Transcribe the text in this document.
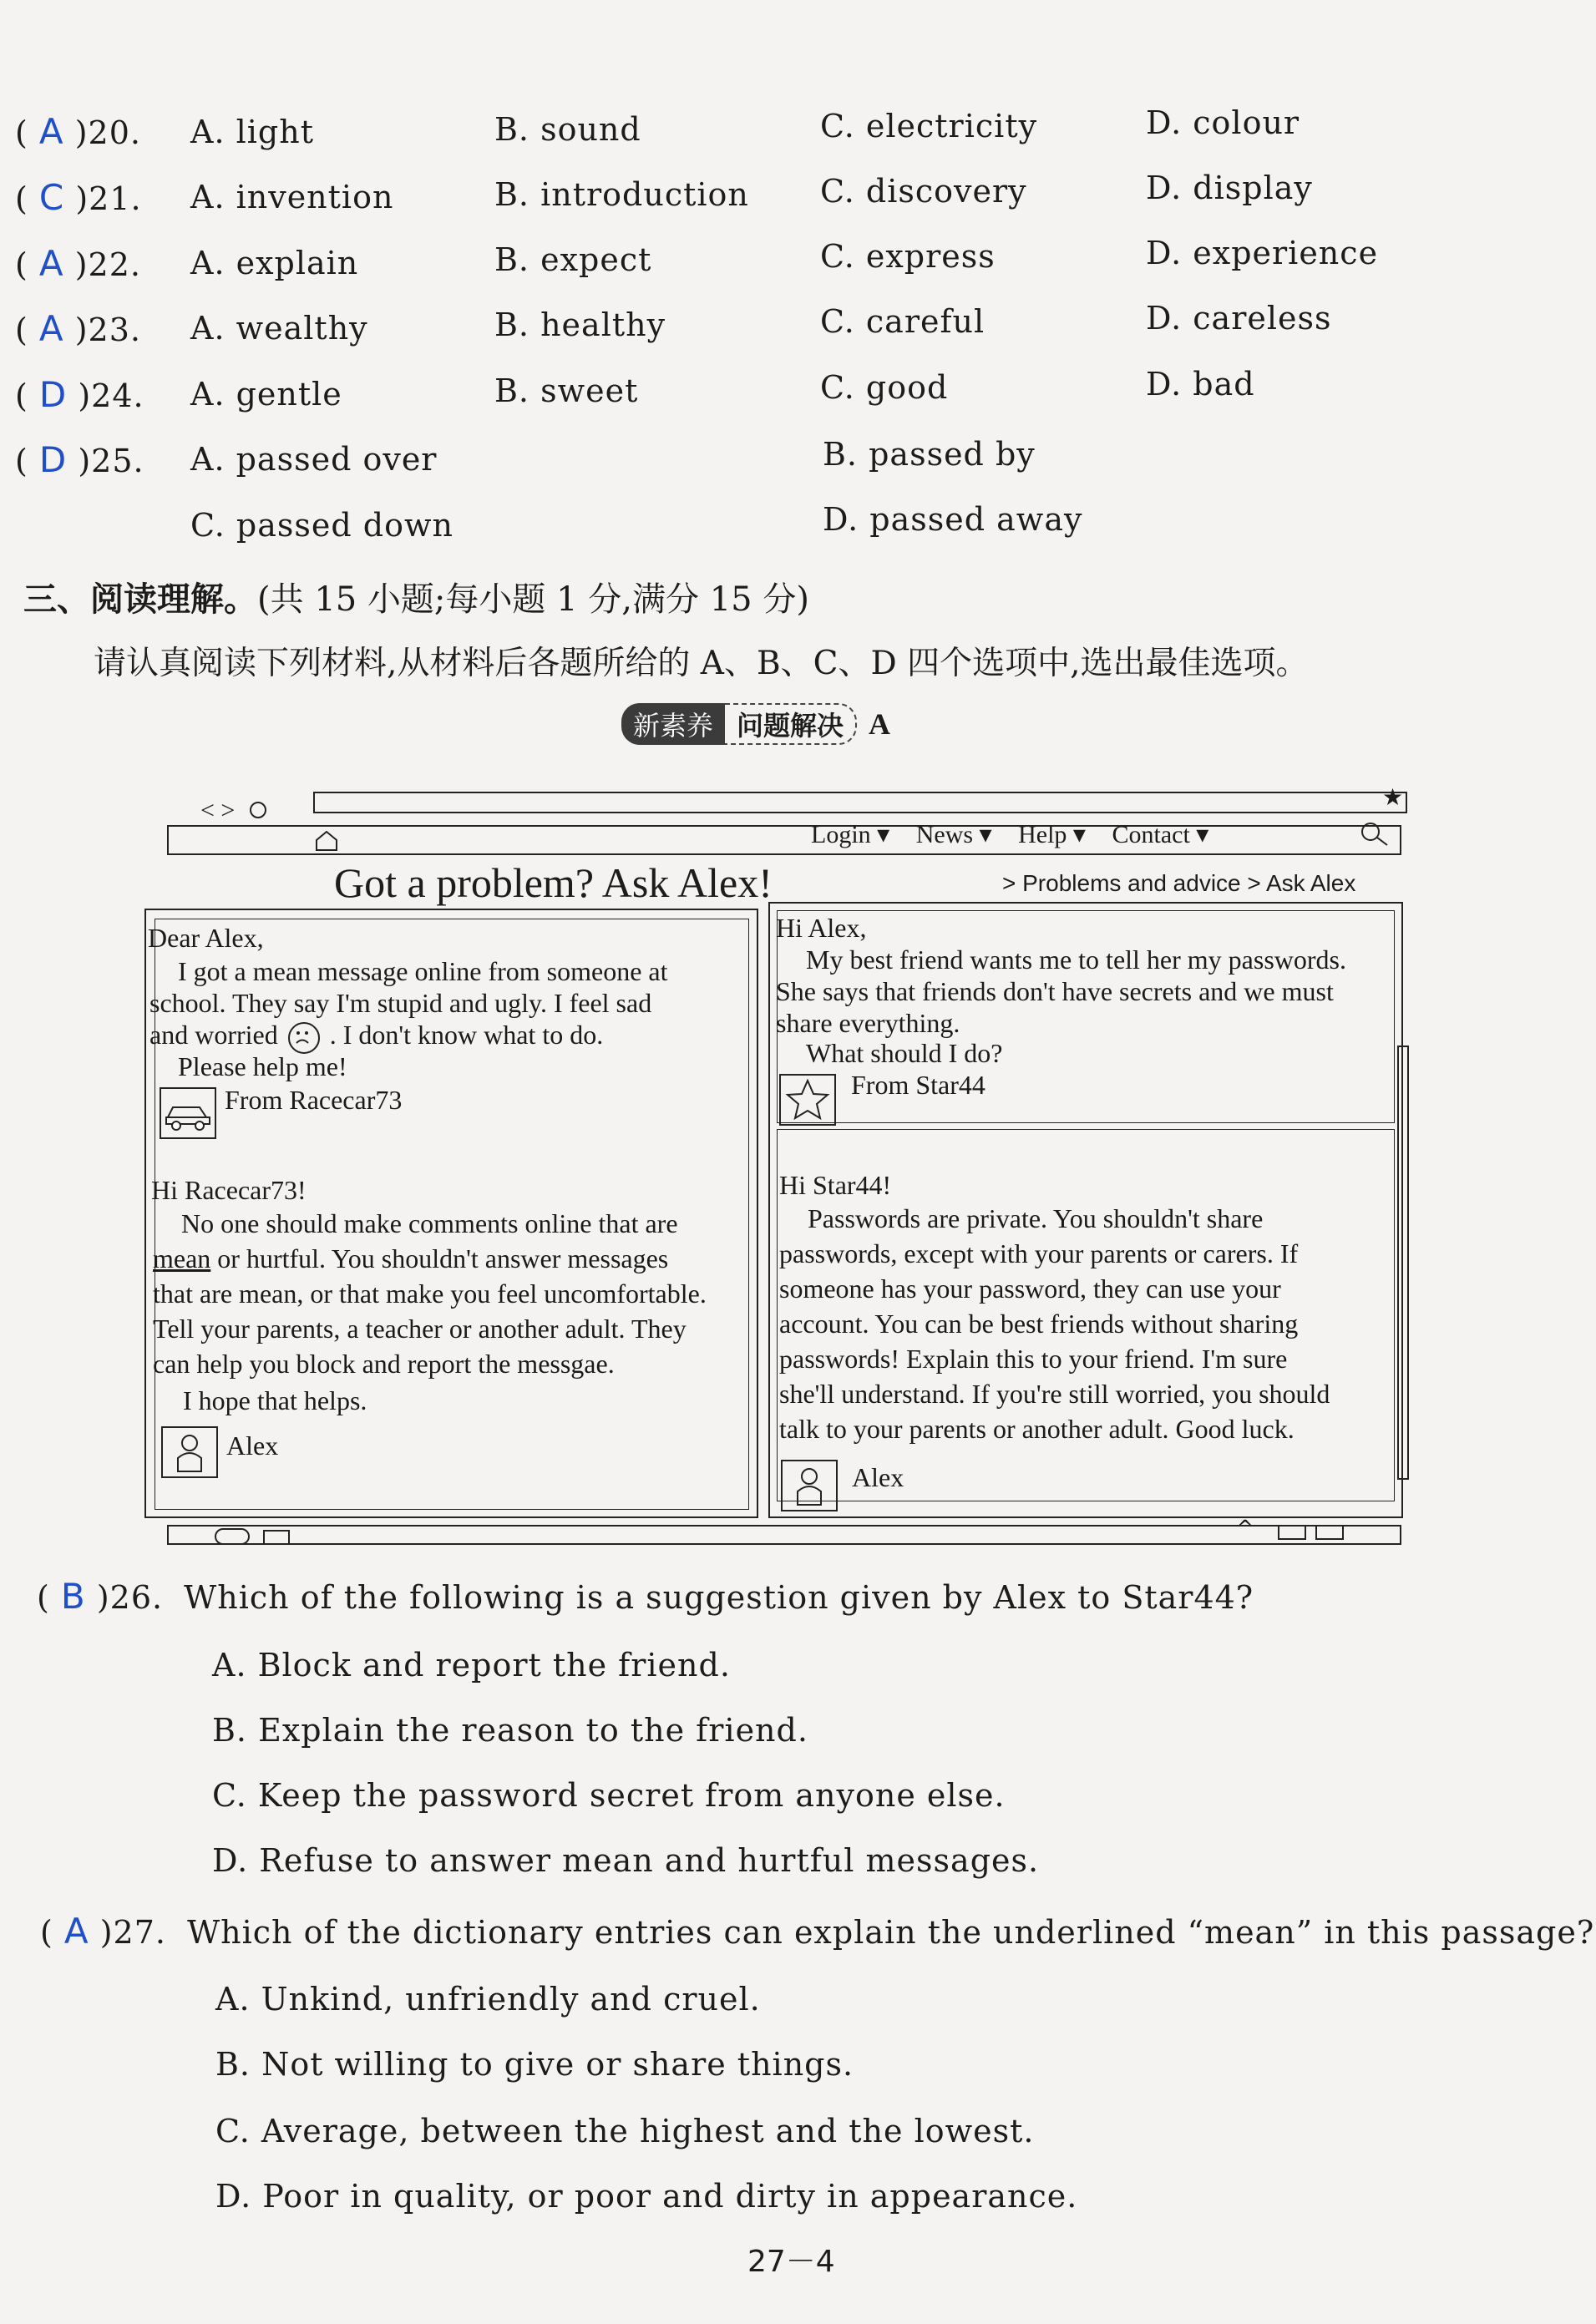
( A )20. A. light	B. sound	C. electricity	D. colour
( C )21. A. invention	B. introduction C. discovery	D. display
( A )22. A. explain	B. expect	C. express	D. experience
( A )23. A. wealthy	B. healthy	C. careful	D. careless
( D )24. A. gentle	B. sweet	C. good	D. bad
( D )25. A. passed over	B. passed by
C. passed down	D. passed away
三、阅读理解。(共 15 小题;每小题 1 分,满分 15 分)
请认真阅读下列材料,从材料后各题所给的 A、B、C、D 四个选项中,选出最佳选项。
新素养 问题解决 A
< >	★
Login ▾ News ▾ Help ▾ Contact ▾
Got a problem? Ask Alex!	> Problems and advice > Ask Alex
Dear Alex,
I got a mean message online from someone at
school. They say I'm stupid and ugly. I feel sad
and worried . I don't know what to do.
Please help me!
From Racecar73
Hi Racecar73!
No one should make comments online that are
mean or hurtful. You shouldn't answer messages
that are mean, or that make you feel uncomfortable.
Tell your parents, a teacher or another adult. They
can help you block and report the messgae.
I hope that helps.
Alex
Hi Alex,
My best friend wants me to tell her my passwords.
She says that friends don't have secrets and we must
share everything.
What should I do?
From Star44
Hi Star44!
Passwords are private. You shouldn't share
passwords, except with your parents or carers. If
someone has your password, they can use your
account. You can be best friends without sharing
passwords! Explain this to your friend. I'm sure
she'll understand. If you're still worried, you should
talk to your parents or another adult. Good luck.
Alex
^
( B )26. Which of the following is a suggestion given by Alex to Star44?
A. Block and report the friend.
B. Explain the reason to the friend.
C. Keep the password secret from anyone else.
D. Refuse to answer mean and hurtful messages.
( A )27. Which of the dictionary entries can explain the underlined “mean” in this passage?
A. Unkind, unfriendly and cruel.
B. Not willing to give or share things.
C. Average, between the highest and the lowest.
D. Poor in quality, or poor and dirty in appearance.
27－4
